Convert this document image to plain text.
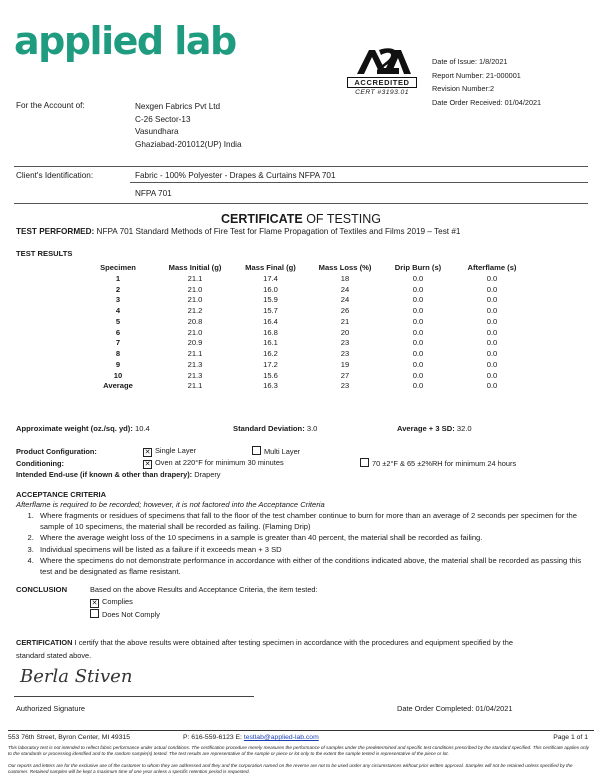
applied lab
ACCREDITED
CERT #3193.01
Date of Issue: 1/8/2021
Report Number: 21-000001
Revision Number:2
Date Order Received: 01/04/2021
For the Account of:	Nexgen Fabrics Pvt Ltd
C-26 Sector-13
Vasundhara
Ghaziabad-201012(UP) India
Client's Identification:	Fabric - 100% Polyester - Drapes & Curtains NFPA 701
NFPA 701
CERTIFICATE OF TESTING
TEST PERFORMED: NFPA 701 Standard Methods of Fire Test for Flame Propagation of Textiles and Films 2019 – Test #1
TEST RESULTS
Specimen	Mass Initial (g)	Mass Final (g)	Mass Loss (%)	Drip Burn (s)	Afterflame (s)
1	21.1	17.4	18	0.0	0.0
2	21.0	16.0	24	0.0	0.0
3	21.0	15.9	24	0.0	0.0
4	21.2	15.7	26	0.0	0.0
5	20.8	16.4	21	0.0	0.0
6	21.0	16.8	20	0.0	0.0
7	20.9	16.1	23	0.0	0.0
8	21.1	16.2	23	0.0	0.0
9	21.3	17.2	19	0.0	0.0
10	21.3	15.6	27	0.0	0.0
Average	21.1	16.3	23	0.0	0.0
Approximate weight (oz./sq. yd): 10.4	Standard Deviation: 3.0	Average + 3 SD: 32.0
Product Configuration:	✕ Single Layer	Multi Layer
Conditioning:	✕ Oven at 220°F for minimum 30 minutes	70 ±2°F & 65 ±2%RH for minimum 24 hours
Intended End-use (if known & other than drapery): Drapery
ACCEPTANCE CRITERIA
Afterflame is required to be recorded; however, it is not factored into the Acceptance Criteria
1. Where fragments or residues of specimens that fall to the floor of the test chamber continue to burn for more than an average of 2 seconds per specimen for the sample of 10 specimens, the material shall be recorded as failing. (Flaming Drip)
2. Where the average weight loss of the 10 specimens in a sample is greater than 40 percent, the material shall be recorded as failing.
3. Individual specimens will be listed as a failure if it exceeds mean + 3 SD
4. Where the specimens do not demonstrate performance in accordance with either of the conditions indicated above, the material shall be recorded as passing this test and be designated as flame resistant.
CONCLUSION	Based on the above Results and Acceptance Criteria, the item tested:
✕ Complies
Does Not Comply
CERTIFICATION I certify that the above results were obtained after testing specimen in accordance with the procedures and equipment specified by the standard stated above.
Berla Stiven
Authorized Signature	Date Order Completed: 01/04/2021
553 76th Street, Byron Center, MI 49315	P: 616-559-6123 E: testlab@applied-lab.com	Page 1 of 1
This laboratory test is not intended to reflect fabric performance under actual conditions. The certification procedure merely measures the performance of samples under the predetermined and specific test conditions prescribed by the standard specified. This certificate applies only to the standards or processing identified and to the random sample(s) tested. The test results are representative of the sample or piece or lot only to the extent the sample tested is representative of the piece or lot.
Our reports and letters are for the exclusive use of the customer to whom they are addressed and they and the corporation named on the reverse are not to be used under any circumstances without prior written approval. Samples will not be retained unless specified by the customer. Retained samples will be kept a maximum time of one year unless a specific retention period is requested.
